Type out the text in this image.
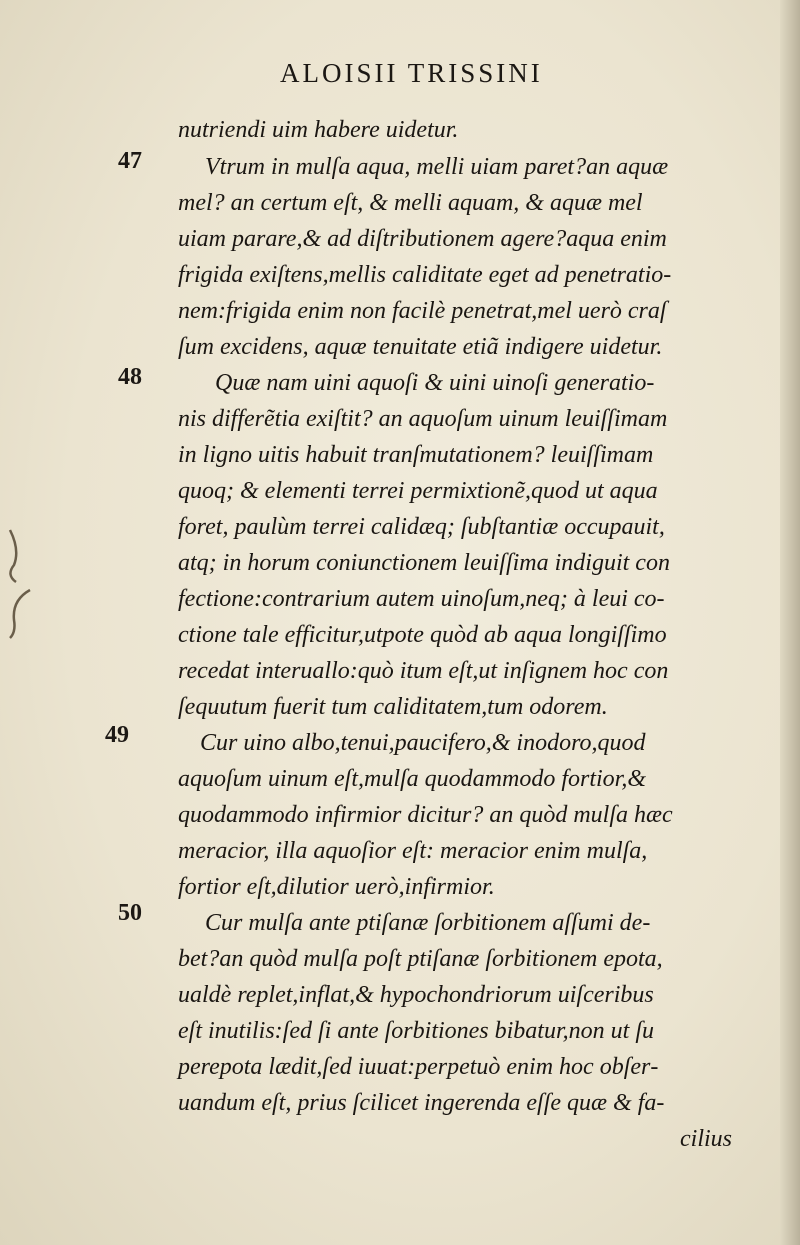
ALOISII TRISSINI
47
48
49
50
nutriendi uim habere uidetur.
Vtrum in mulſa aqua, melli uiam paret?an aquæ
mel? an certum eſt, & melli aquam, & aquæ mel
uiam parare,& ad diſtributionem agere?aqua enim
frigida exiſtens,mellis caliditate eget ad penetratio‐
nem:frigida enim non facilè penetrat,mel uerò craſ
ſum excidens, aquæ tenuitate etiã indigere uidetur.
Quæ nam uini aquoſi & uini uinoſi generatio‐
nis differẽtia exiſtit? an aquoſum uinum leuiſſimam
in ligno uitis habuit tranſmutationem? leuiſſimam
quoq; & elementi terrei permixtionẽ,quod ut aqua
foret, paulùm terrei calidæq; ſubſtantiæ occupauit,
atq; in horum coniunctionem leuiſſima indiguit con
fectione:contrarium autem uinoſum,neq; à leui co‐
ctione tale efficitur,utpote quòd ab aqua longiſſimo
recedat interuallo:quò itum eſt,ut inſignem hoc con
ſequutum fuerit tum caliditatem,tum odorem.
Cur uino albo,tenui,paucifero,& inodoro,quod
aquoſum uinum eſt,mulſa quodammodo fortior,&
quodammodo infirmior dicitur? an quòd mulſa hæc
meracior, illa aquoſior eſt: meracior enim mulſa,
fortior eſt,dilutior uerò,infirmior.
Cur mulſa ante ptiſanæ ſorbitionem aſſumi de‐
bet?an quòd mulſa poſt ptiſanæ ſorbitionem epota,
ualdè replet,inflat,& hypochondriorum uiſceribus
eſt inutilis:ſed ſi ante ſorbitiones bibatur,non ut ſu
perepota lædit,ſed iuuat:perpetuò enim hoc obſer‐
uandum eſt, prius ſcilicet ingerenda eſſe quæ & fa‐
cilius
